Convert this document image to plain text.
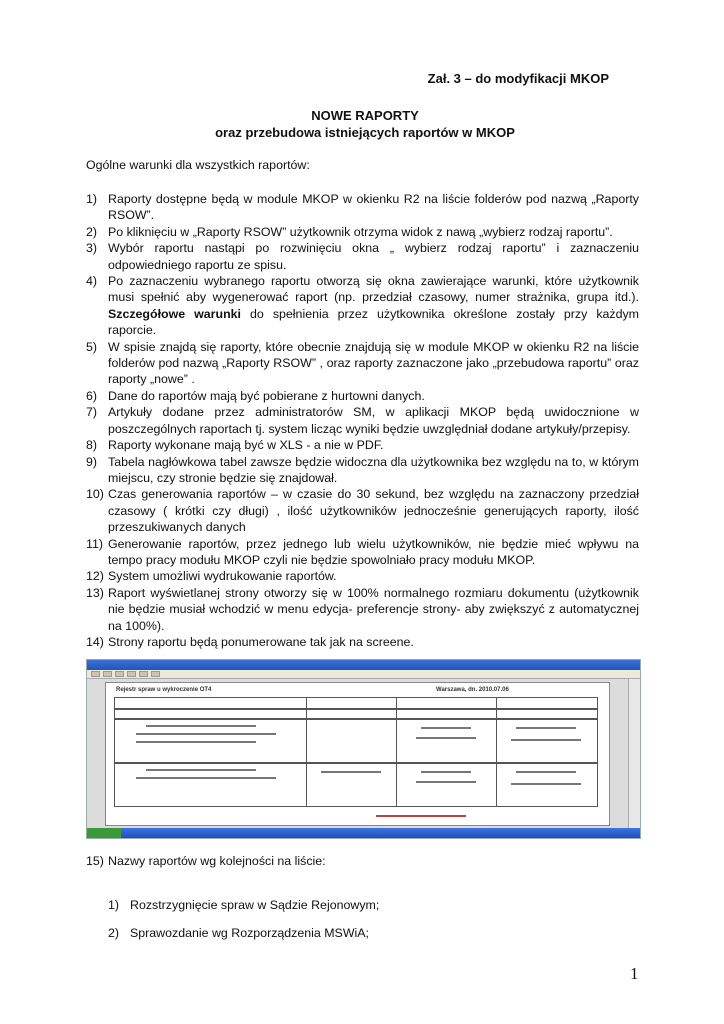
Zał. 3 – do modyfikacji MKOP
NOWE RAPORTY
oraz przebudowa istniejących raportów w MKOP
Ogólne warunki dla wszystkich raportów:
1) Raporty dostępne będą w module MKOP w okienku R2 na liście folderów pod nazwą „Raporty RSOW”.
2) Po kliknięciu w „Raporty RSOW” użytkownik otrzyma widok z nawą „wybierz rodzaj raportu”.
3) Wybór raportu nastąpi po rozwinięciu okna „ wybierz rodzaj raportu” i zaznaczeniu odpowiedniego raportu ze spisu.
4) Po zaznaczeniu wybranego raportu otworzą się okna zawierające warunki, które użytkownik musi spełnić aby wygenerować raport (np. przedział czasowy, numer strażnika, grupa itd.). Szczegółowe warunki do spełnienia przez użytkownika określone zostały przy każdym raporcie.
5) W spisie znajdą się raporty, które obecnie znajdują się w module MKOP w okienku R2 na liście folderów pod nazwą „Raporty RSOW” , oraz raporty zaznaczone jako „przebudowa raportu” oraz raporty „nowe” .
6) Dane do raportów mają być pobierane z hurtowni danych.
7) Artykuły dodane przez administratorów SM, w aplikacji MKOP będą uwidocznione w poszczególnych raportach tj. system licząc wyniki będzie uwzględniał dodane artykuły/przepisy.
8) Raporty wykonane mają być w XLS - a nie w PDF.
9) Tabela nagłówkowa tabel zawsze będzie widoczna dla użytkownika bez względu na to, w którym miejscu, czy stronie będzie się znajdował.
10) Czas generowania raportów – w czasie do 30 sekund, bez względu na zaznaczony przedział czasowy ( krótki czy długi) , ilość użytkowników jednocześnie generujących raporty, ilość przeszukiwanych danych
11) Generowanie raportów, przez jednego lub wielu użytkowników, nie będzie mieć wpływu na tempo pracy modułu MKOP czyli nie będzie spowolniało pracy modułu MKOP.
12) System umożliwi wydrukowanie raportów.
13) Raport wyświetlanej strony otworzy się w 100% normalnego rozmiaru dokumentu (użytkownik nie będzie musiał wchodzić w menu edycja- preferencje strony- aby zwiększyć z automatycznej na 100%).
14) Strony raportu będą ponumerowane tak jak na screene.
Rejestr spraw u wykroczenie OT4	Warszawa, dn. 2010.07.06
15) Nazwy raportów wg kolejności na liście:
1) Rozstrzygnięcie spraw w Sądzie Rejonowym;
2) Sprawozdanie wg Rozporządzenia MSWiA;
1
